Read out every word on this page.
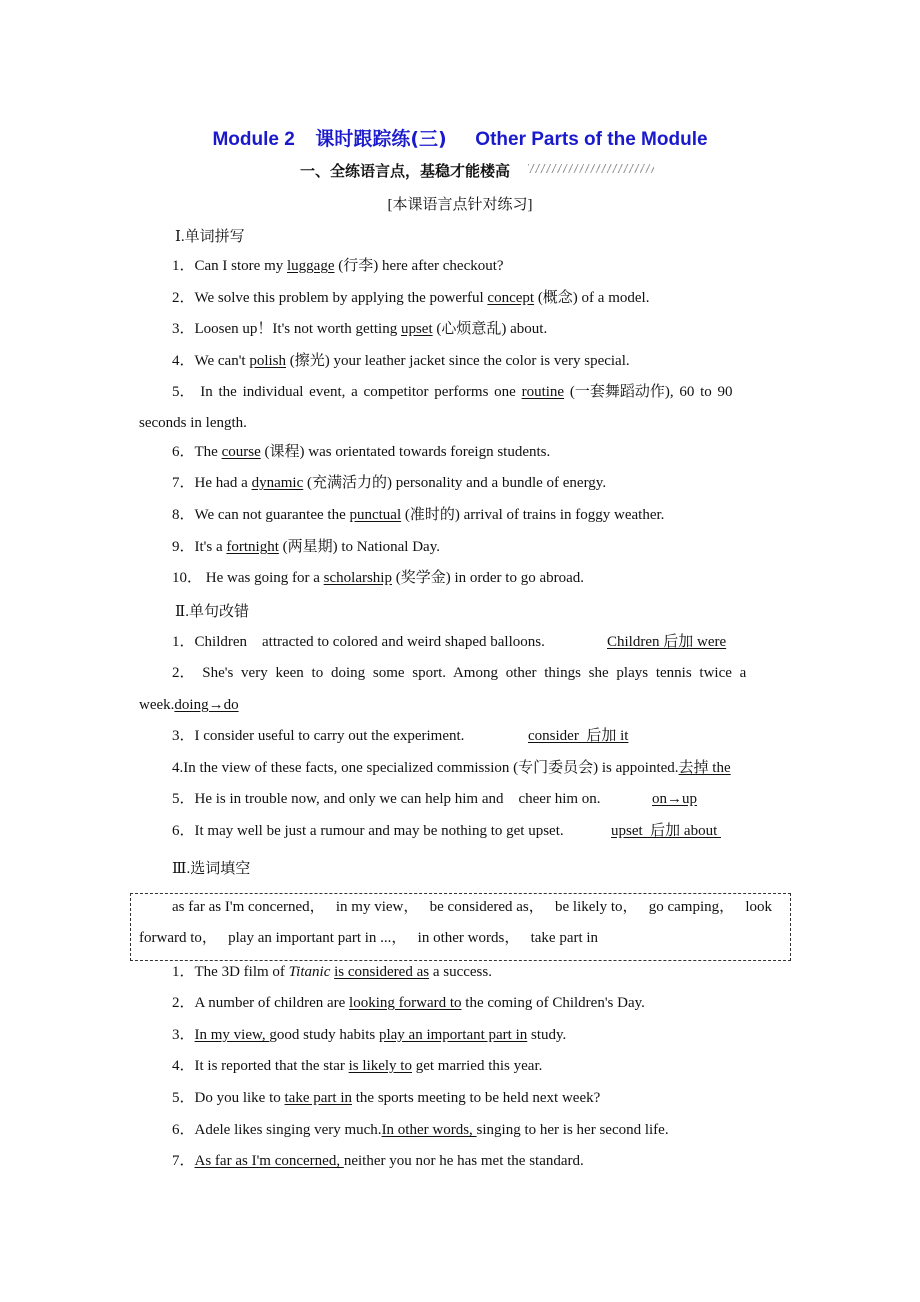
Module 2 课时跟踪练(三) Other Parts of the Module
一、全练语言点，基稳才能楼高
[本课语言点针对练习]
Ⅰ.单词拼写
1．Can I store my luggage (行李) here after checkout?
2．We solve this problem by applying the powerful concept (概念) of a model.
3．Loosen up！It's not worth getting upset (心烦意乱) about.
4．We can't polish (擦光) your leather jacket since the color is very special.
5． In the individual event, a competitor performs one routine (一套舞蹈动作), 60 to 90
seconds in length.
6．The course (课程) was orientated towards foreign students.
7．He had a dynamic (充满活力的) personality and a bundle of energy.
8．We can not guarantee the punctual (准时的) arrival of trains in foggy weather.
9．It's a fortnight (两星期) to National Day.
10． He was going for a scholarship (奖学金) in order to go abroad.
Ⅱ.单句改错
1．Children    attracted to colored and weird shaped balloons.	Children 后加 were
2． She's very keen to doing some sport. Among other things she plays tennis twice a
week.doing→do
3．I consider useful to carry out the experiment.	consider  后加 it
4.In the view of these facts, one specialized commission (专门委员会) is appointed.去掉 the
5．He is in trouble now, and only we can help him and    cheer him on.	on→up
6．It may well be just a rumour and may be nothing to get upset.	upset  后加 about
Ⅲ.选词填空
as far as I'm concerned，   in my view，   be considered as，   be likely to，   go camping，   look
forward to，   play an important part in ...，   in other words，   take part in
1．The 3D film of Titanic is considered as a success.
2．A number of children are looking forward to the coming of Children's Day.
3．In my view, good study habits play an important part in study.
4．It is reported that the star is likely to get married this year.
5．Do you like to take part in the sports meeting to be held next week?
6．Adele likes singing very much.In other words, singing to her is her second life.
7．As far as I'm concerned, neither you nor he has met the standard.
